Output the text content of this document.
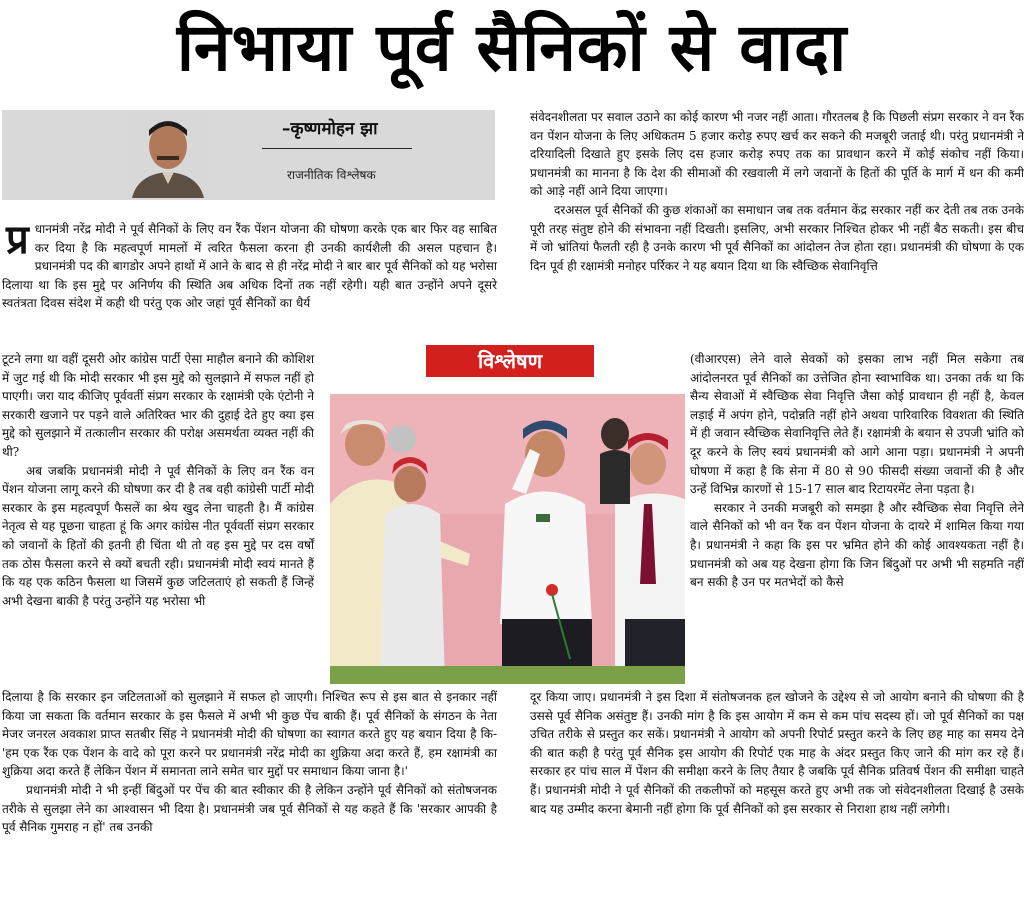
निभाया पूर्व सैनिकों से वादा
–कृष्णमोहन झा
राजनीतिक विश्लेषक
प्र धानमंत्री नरेंद्र मोदी ने पूर्व सैनिकों के लिए वन रैंक पेंशन योजना की घोषणा करके एक बार फिर वह साबित कर दिया है कि महत्वपूर्ण मामलों में त्वरित फैसला करना ही उनकी कार्यशैली की असल पहचान है। प्रधानमंत्री पद की बागडोर अपने हाथों में आने के बाद से ही नरेंद्र मोदी ने बार बार पूर्व सैनिकों को यह भरोसा दिलाया था कि इस मुद्दे पर अनिर्णय की स्थिति अब अधिक दिनों तक नहीं रहेगी। यही बात उन्होंने अपने दूसरे स्वतंत्रता दिवस संदेश में कही थी परंतु एक ओर जहां पूर्व सैनिकों का धैर्य

टूटने लगा था वहीं दूसरी ओर कांग्रेस पार्टी ऐसा माहौल बनाने की कोशिश में जुट गई थी कि मोदी सरकार भी इस मुद्दे को सुलझाने में सफल नहीं हो पाएगी। जरा याद कीजिए पूर्ववर्ती संप्रग सरकार के रक्षामंत्री एके एंटोनी ने सरकारी खजाने पर पड़ने वाले अतिरिक्त भार की दुहाई देते हुए क्या इस मुद्दे को सुलझाने में तत्कालीन सरकार की परोक्ष असमर्थता व्यक्त नहीं की थी?

अब जबकि प्रधानमंत्री मोदी ने पूर्व सैनिकों के लिए वन रैंक वन पेंशन योजना लागू करने की घोषणा कर दी है तब वही कांग्रेसी पार्टी मोदी सरकार के इस महत्वपूर्ण फैसलें का श्रेय खुद लेना चाहती है। मैं कांग्रेस नेतृत्व से यह पूछना चाहता हूं कि अगर कांग्रेस नीत पूर्ववर्ती संप्रग सरकार को जवानों के हितों की इतनी ही चिंता थी तो वह इस मुद्दे पर दस वर्षों तक ठोस फैसला करने से क्यों बचती रही। प्रधानमंत्री मोदी स्वयं मानते हैं कि यह एक कठिन फैसला था जिसमें कुछ जटिलताएं हो सकती हैं जिन्हें अभी देखना बाकी है परंतु उन्होंने यह भरोसा भी

विश्लेषण

दिलाया है कि सरकार इन जटिलताओं को सुलझाने में सफल हो जाएगी। निश्चित रूप से इस बात से इनकार नहीं किया जा सकता कि वर्तमान सरकार के इस फैसले में अभी भी कुछ पेंच बाकी हैं। पूर्व सैनिकों के संगठन के नेता मेजर जनरल अवकाश प्राप्त सतबीर सिंह ने प्रधानमंत्री मोदी की घोषणा का स्वागत करते हुए यह बयान दिया है कि- 'हम एक रैंक एक पेंशन के वादे को पूरा करने पर प्रधानमंत्री नरेंद्र मोदी का शुक्रिया अदा करते हैं, हम रक्षामंत्री का शुक्रिया अदा करते हैं लेकिन पेंशन में समानता लाने समेत चार मुद्दों पर समाधान किया जाना है।'

प्रधानमंत्री मोदी ने भी इन्हीं बिंदुओं पर पेंच की बात स्वीकार की है लेकिन उन्होंने पूर्व सैनिकों को संतोषजनक तरीके से सुलझा लेने का आश्वासन भी दिया है। प्रधानमंत्री जब पूर्व सैनिकों से यह कहते हैं कि 'सरकार आपकी है पूर्व सैनिक गुमराह न हों' तब उनकी

संवेदनशीलता पर सवाल उठाने का कोई कारण भी नजर नहीं आता। गौरतलब है कि पिछली संप्रग सरकार ने वन रैंक वन पेंशन योजना के लिए अधिकतम 5 हजार करोड़ रुपए खर्च कर सकने की मजबूरी जताई थी। परंतु प्रधानमंत्री ने दरियादिली दिखाते हुए इसके लिए दस हजार करोड़ रुपए तक का प्रावधान करने में कोई संकोच नहीं किया। प्रधानमंत्री का मानना है कि देश की सीमाओं की रखवाली में लगे जवानों के हितों की पूर्ति के मार्ग में धन की कमी को आड़े नहीं आने दिया जाएगा।

दरअसल पूर्व सैनिकों की कुछ शंकाओं का समाधान जब तक वर्तमान केंद्र सरकार नहीं कर देती तब तक उनके पूरी तरह संतुष्ट होने की संभावना नहीं दिखती। इसलिए, अभी सरकार निश्चित होकर भी नहीं बैठ सकती। इस बीच में जो भ्रांतियां फैलती रही है उनके कारण भी पूर्व सैनिकों का आंदोलन तेज होता रहा। प्रधानमंत्री की घोषणा के एक दिन पूर्व ही रक्षामंत्री मनोहर पर्रिकर ने यह बयान दिया था कि स्वैच्छिक सेवानिवृत्ति

(वीआरएस) लेने वाले सेवकों को इसका लाभ नहीं मिल सकेगा तब आंदोलनरत पूर्व सैनिकों का उत्तेजित होना स्वाभाविक था। उनका तर्क था कि सैन्य सेवाओं में स्वैच्छिक सेवा निवृत्ति जैसा कोई प्रावधान ही नहीं है, केवल लड़ाई में अपंग होने, पदोन्नति नहीं होने अथवा पारिवारिक विवशता की स्थिति में ही जवान स्वैच्छिक सेवानिवृत्ति लेते हैं। रक्षामंत्री के बयान से उपजी भ्रांति को दूर करने के लिए स्वयं प्रधानमंत्री को आगे आना पड़ा। प्रधानमंत्री ने अपनी घोषणा में कहा है कि सेना में 80 से 90 फीसदी संख्या जवानों की है और उन्हें विभिन्न कारणों से 15-17 साल बाद रिटायरमेंट लेना पड़ता है।

सरकार ने उनकी मजबूरी को समझा है और स्वैच्छिक सेवा निवृत्ति लेने वाले सैनिकों को भी वन रैंक वन पेंशन योजना के दायरे में शामिल किया गया है। प्रधानमंत्री ने कहा कि इस पर भ्रमित होने की कोई आवश्यकता नहीं है। प्रधानमंत्री को अब यह देखना होगा कि जिन बिंदुओं पर अभी भी सहमति नहीं बन सकी है उन पर मतभेदों को कैसे

दूर किया जाए। प्रधानमंत्री ने इस दिशा में संतोषजनक हल खोजने के उद्देश्य से जो आयोग बनाने की घोषणा की है उससे पूर्व सैनिक असंतुष्ट हैं। उनकी मांग है कि इस आयोग में कम से कम पांच सदस्य हों। जो पूर्व सैनिकों का पक्ष उचित तरीके से प्रस्तुत कर सकें। प्रधानमंत्री ने आयोग को अपनी रिपोर्ट प्रस्तुत करने के लिए छह माह का समय देने की बात कही है परंतु पूर्व सैनिक इस आयोग की रिपोर्ट एक माह के अंदर प्रस्तुत किए जाने की मांग कर रहे हैं। सरकार हर पांच साल में पेंशन की समीक्षा करने के लिए तैयार है जबकि पूर्व सैनिक प्रतिवर्ष पेंशन की समीक्षा चाहते हैं। प्रधानमंत्री मोदी ने पूर्व सैनिकों की तकलीफों को महसूस करते हुए अभी तक जो संवेदनशीलता दिखाई है उसके बाद यह उम्मीद करना बेमानी नहीं होगा कि पूर्व सैनिकों को इस सरकार से निराशा हाथ नहीं लगेगी।
